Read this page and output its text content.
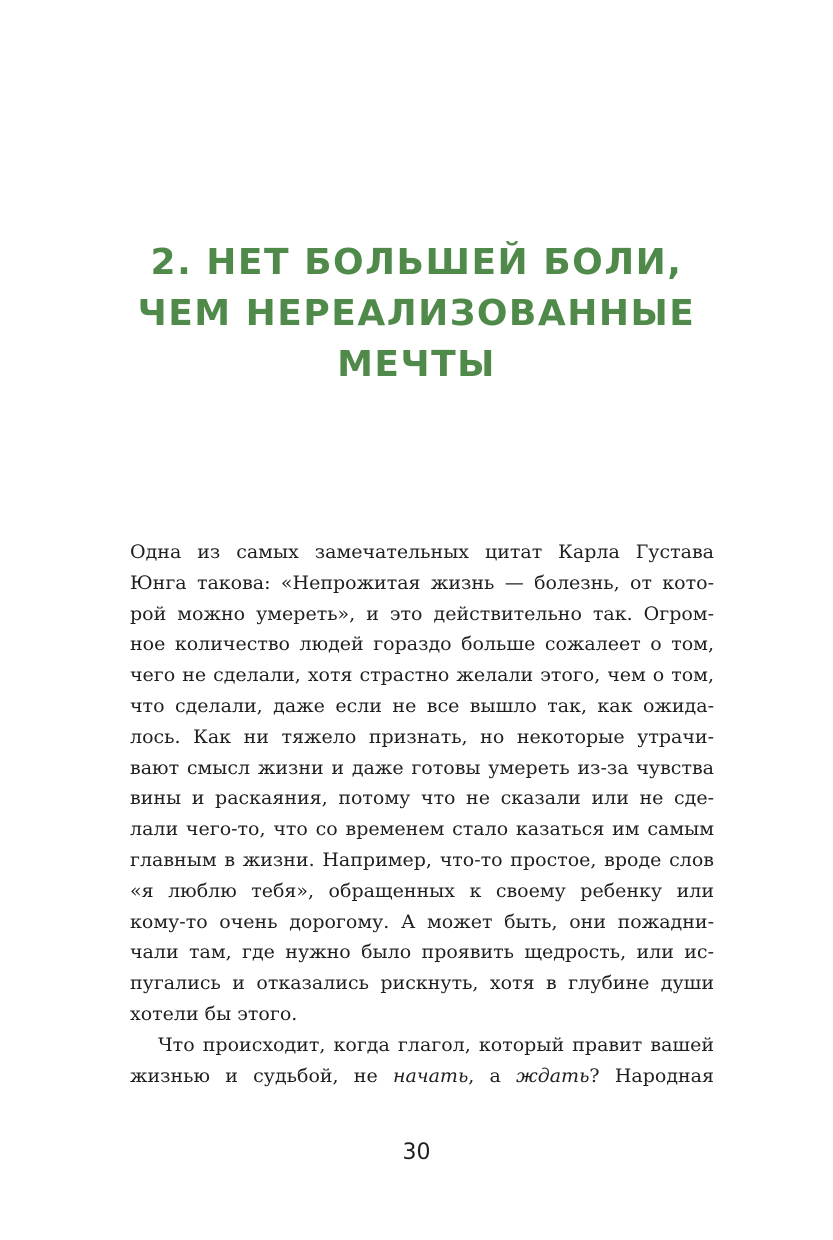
2. НЕТ БОЛЬШЕЙ БОЛИ,
ЧЕМ НЕРЕАЛИЗОВАННЫЕ
МЕЧТЫ
Одна из самых замечательных цитат Карла Густава
Юнга такова: «Непрожитая жизнь — болезнь, от кото-
рой можно умереть», и это действительно так. Огром-
ное количество людей гораздо больше сожалеет о том,
чего не сделали, хотя страстно желали этого, чем о том,
что сделали, даже если не все вышло так, как ожида-
лось. Как ни тяжело признать, но некоторые утрачи-
вают смысл жизни и даже готовы умереть из-за чувства
вины и раскаяния, потому что не сказали или не сде-
лали чего-то, что со временем стало казаться им самым
главным в жизни. Например, что-то простое, вроде слов
«я люблю тебя», обращенных к своему ребенку или
кому-то очень дорогому. А может быть, они пожадни-
чали там, где нужно было проявить щедрость, или ис-
пугались и отказались рискнуть, хотя в глубине души
хотели бы этого.
Что происходит, когда глагол, который правит вашей
жизнью и судьбой, не начать, а ждать? Народная
30
